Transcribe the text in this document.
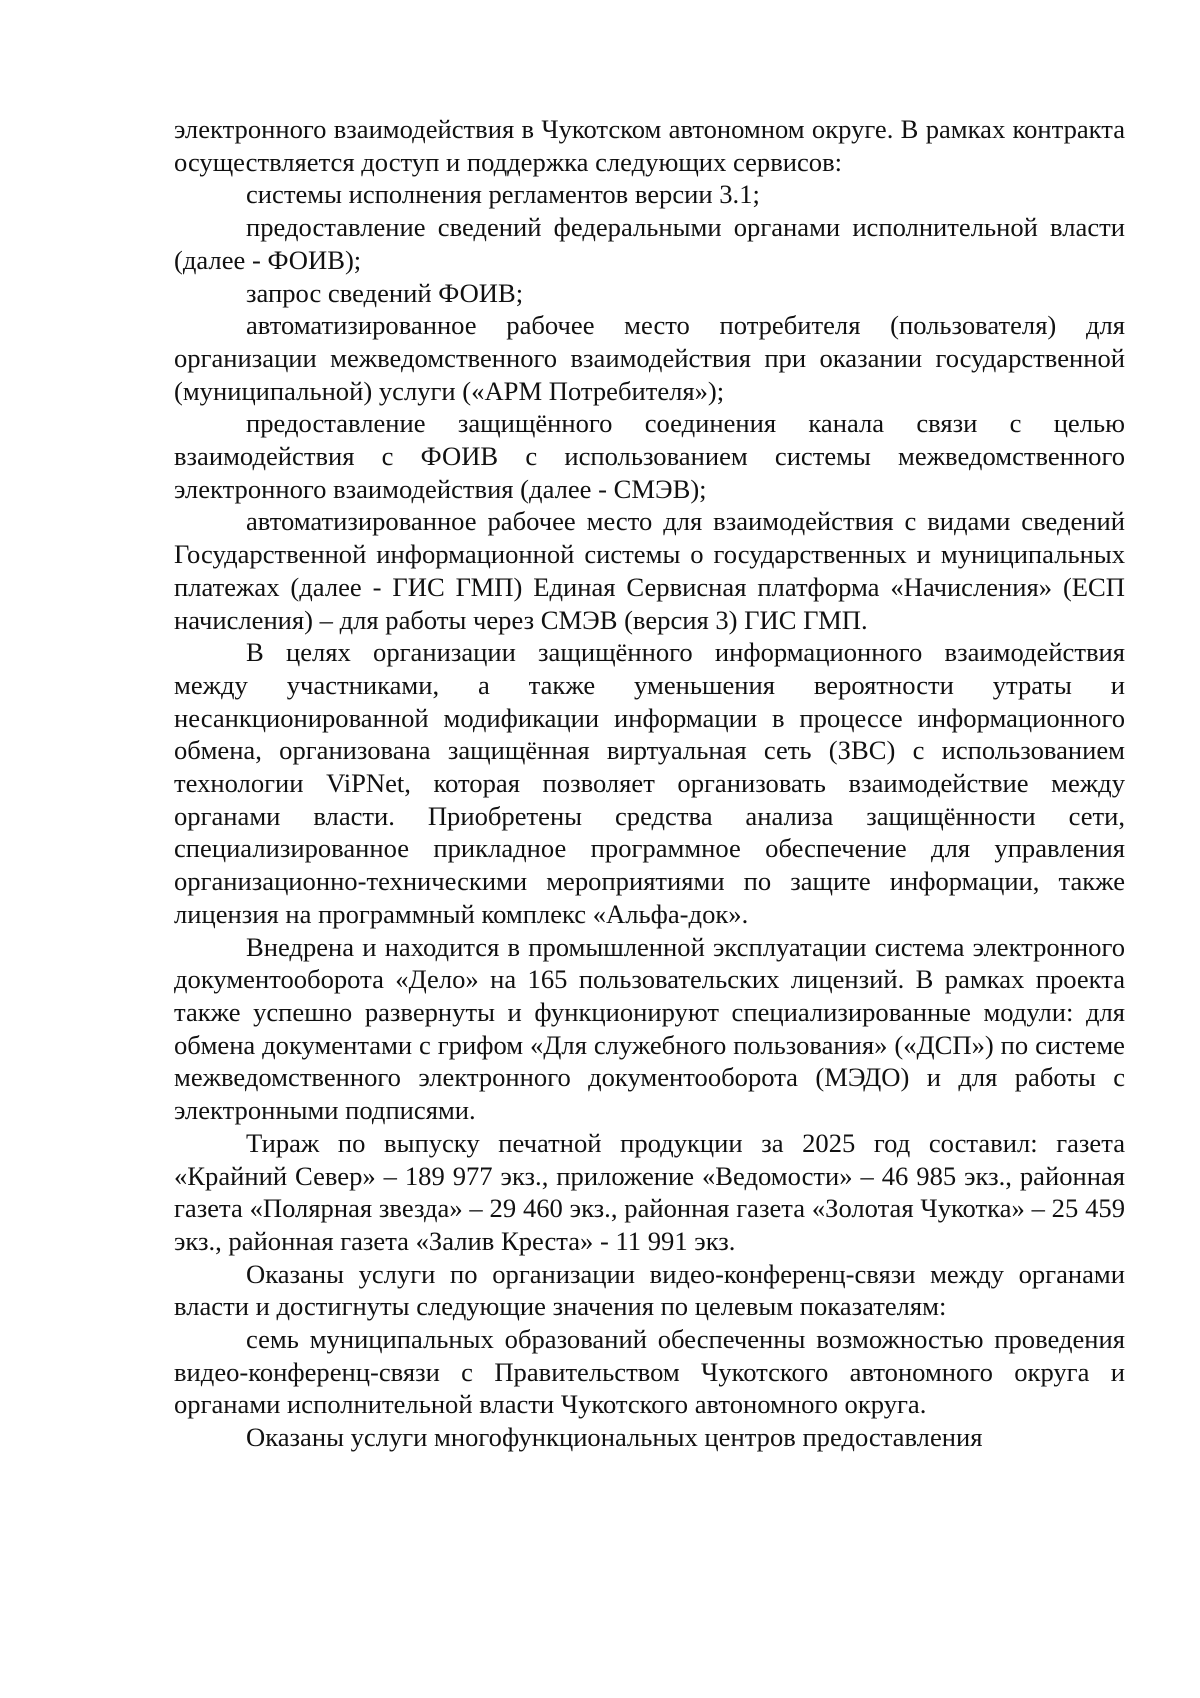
электронного взаимодействия в Чукотском автономном округе. В рамках контракта осуществляется доступ и поддержка следующих сервисов:

системы исполнения регламентов версии 3.1;

предоставление сведений федеральными органами исполнительной власти (далее - ФОИВ);

запрос сведений ФОИВ;

автоматизированное рабочее место потребителя (пользователя) для организации межведомственного взаимодействия при оказании государственной (муниципальной) услуги («АРМ Потребителя»);

предоставление защищённого соединения канала связи с целью взаимодействия с ФОИВ с использованием системы межведомственного электронного взаимодействия (далее - СМЭВ);

автоматизированное рабочее место для взаимодействия с видами сведений Государственной информационной системы о государственных и муниципальных платежах (далее - ГИС ГМП) Единая Сервисная платформа «Начисления» (ЕСП начисления) – для работы через СМЭВ (версия 3) ГИС ГМП.

В целях организации защищённого информационного взаимодействия между участниками, а также уменьшения вероятности утраты и несанкционированной модификации информации в процессе информационного обмена, организована защищённая виртуальная сеть (ЗВС) с использованием технологии ViPNet, которая позволяет организовать взаимодействие между органами власти. Приобретены средства анализа защищённости сети, специализированное прикладное программное обеспечение для управления организационно-техническими мероприятиями по защите информации, также лицензия на программный комплекс «Альфа-док».

Внедрена и находится в промышленной эксплуатации система электронного документооборота «Дело» на 165 пользовательских лицензий. В рамках проекта также успешно развернуты и функционируют специализированные модули: для обмена документами с грифом «Для служебного пользования» («ДСП») по системе межведомственного электронного документооборота (МЭДО) и для работы с электронными подписями.

Тираж по выпуску печатной продукции за 2025 год составил: газета «Крайний Север» – 189 977 экз., приложение «Ведомости» – 46 985 экз., районная газета «Полярная звезда» – 29 460 экз., районная газета «Золотая Чукотка» – 25 459 экз., районная газета «Залив Креста» - 11 991 экз.

Оказаны услуги по организации видео-конференц-связи между органами власти и достигнуты следующие значения по целевым показателям:

семь муниципальных образований обеспеченны возможностью проведения видео-конференц-связи с Правительством Чукотского автономного округа и органами исполнительной власти Чукотского автономного округа.

Оказаны услуги многофункциональных центров предоставления
